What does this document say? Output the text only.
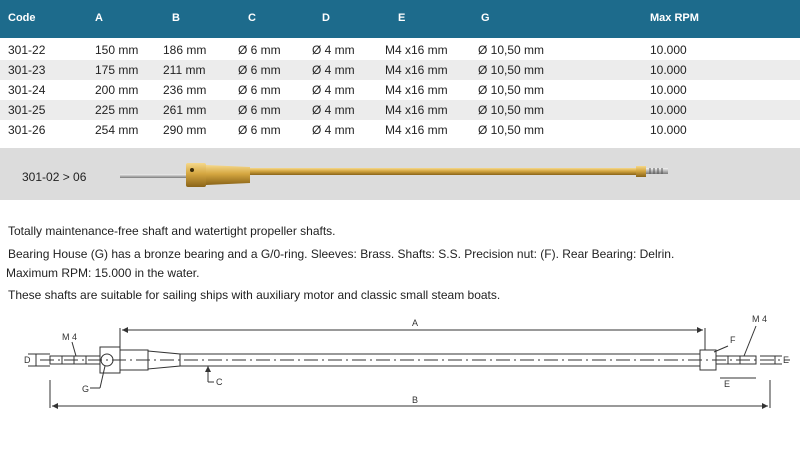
Code	A	B	C	D	E	G	Max RPM
301-22	150 mm 186 mm	Ø 6 mm	Ø 4 mm	M4 x16 mm	Ø 10,50 mm	10.000
301-23	175 mm 211 mm	Ø 6 mm	Ø 4 mm	M4 x16 mm	Ø 10,50 mm	10.000
301-24	200 mm 236 mm	Ø 6 mm	Ø 4 mm	M4 x16 mm	Ø 10,50 mm	10.000
301-25	225 mm 261 mm	Ø 6 mm	Ø 4 mm	M4 x16 mm	Ø 10,50 mm	10.000
301-26	254 mm 290 mm	Ø 6 mm	Ø 4 mm	M4 x16 mm	Ø 10,50 mm	10.000
301-02 > 06
Totally maintenance-free shaft and watertight propeller shafts.
Bearing House (G) has a bronze bearing and a G/0-ring. Sleeves: Brass. Shafts: S.S. Precision nut: (F). Rear Bearing: Delrin.
Maximum RPM: 15.000 in the water.
These shafts are suitable for sailing ships with auxiliary motor and classic small steam boats.
A
B
C
D	E
E
F
G
M 4
M 4
